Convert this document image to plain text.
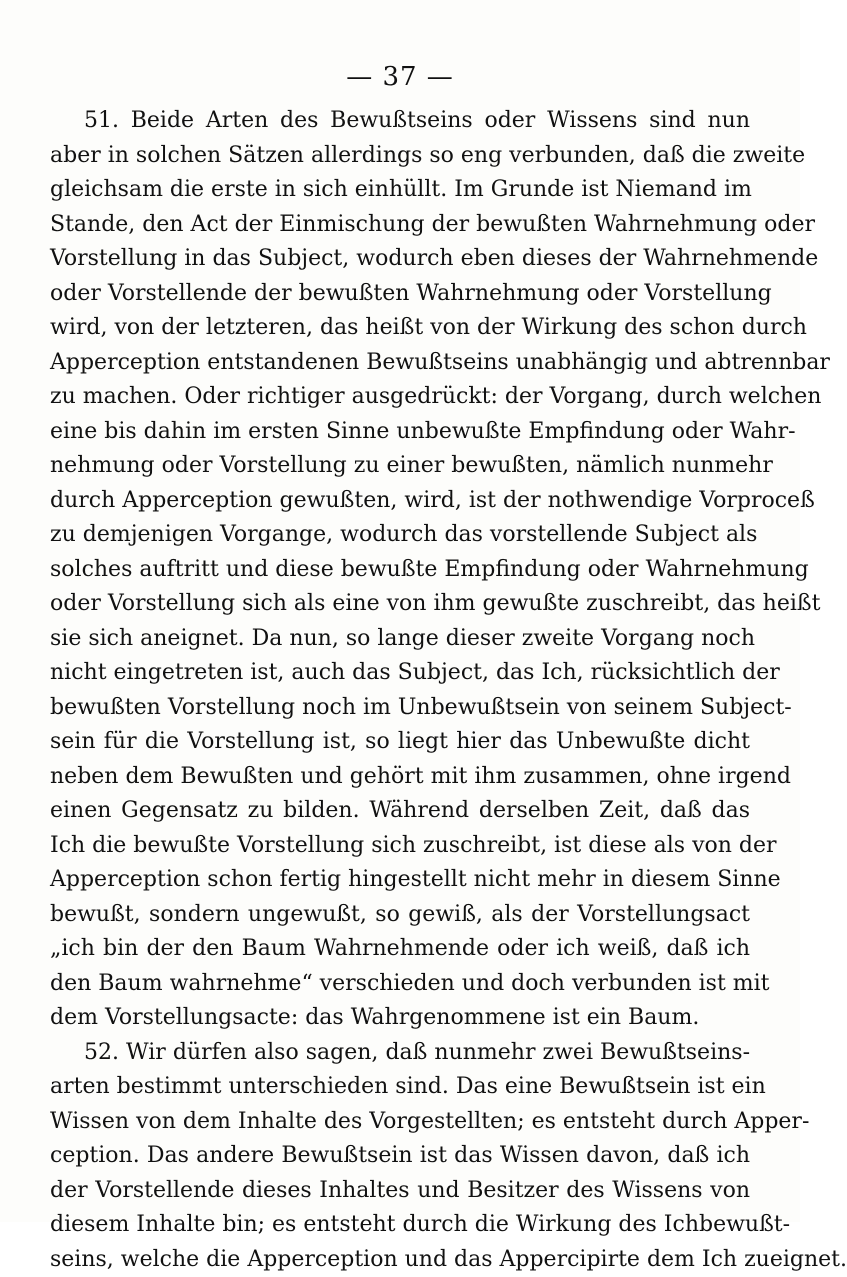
— 37 —
51. Beide Arten des Bewußtseins oder Wissens sind nun
aber in solchen Sätzen allerdings so eng verbunden, daß die zweite
gleichsam die erste in sich einhüllt. Im Grunde ist Niemand im
Stande, den Act der Einmischung der bewußten Wahrnehmung oder
Vorstellung in das Subject, wodurch eben dieses der Wahrnehmende
oder Vorstellende der bewußten Wahrnehmung oder Vorstellung
wird, von der letzteren, das heißt von der Wirkung des schon durch
Apperception entstandenen Bewußtseins unabhängig und abtrennbar
zu machen. Oder richtiger ausgedrückt: der Vorgang, durch welchen
eine bis dahin im ersten Sinne unbewußte Empfindung oder Wahr-
nehmung oder Vorstellung zu einer bewußten, nämlich nunmehr
durch Apperception gewußten, wird, ist der nothwendige Vorproceß
zu demjenigen Vorgange, wodurch das vorstellende Subject als
solches auftritt und diese bewußte Empfindung oder Wahrnehmung
oder Vorstellung sich als eine von ihm gewußte zuschreibt, das heißt
sie sich aneignet. Da nun, so lange dieser zweite Vorgang noch
nicht eingetreten ist, auch das Subject, das Ich, rücksichtlich der
bewußten Vorstellung noch im Unbewußtsein von seinem Subject-
sein für die Vorstellung ist, so liegt hier das Unbewußte dicht
neben dem Bewußten und gehört mit ihm zusammen, ohne irgend
einen Gegensatz zu bilden. Während derselben Zeit, daß das
Ich die bewußte Vorstellung sich zuschreibt, ist diese als von der
Apperception schon fertig hingestellt nicht mehr in diesem Sinne
bewußt, sondern ungewußt, so gewiß, als der Vorstellungsact
„ich bin der den Baum Wahrnehmende oder ich weiß, daß ich
den Baum wahrnehme“ verschieden und doch verbunden ist mit
dem Vorstellungsacte: das Wahrgenommene ist ein Baum.
52. Wir dürfen also sagen, daß nunmehr zwei Bewußtseins-
arten bestimmt unterschieden sind. Das eine Bewußtsein ist ein
Wissen von dem Inhalte des Vorgestellten; es entsteht durch Apper-
ception. Das andere Bewußtsein ist das Wissen davon, daß ich
der Vorstellende dieses Inhaltes und Besitzer des Wissens von
diesem Inhalte bin; es entsteht durch die Wirkung des Ichbewußt-
seins, welche die Apperception und das Appercipirte dem Ich zueignet.
